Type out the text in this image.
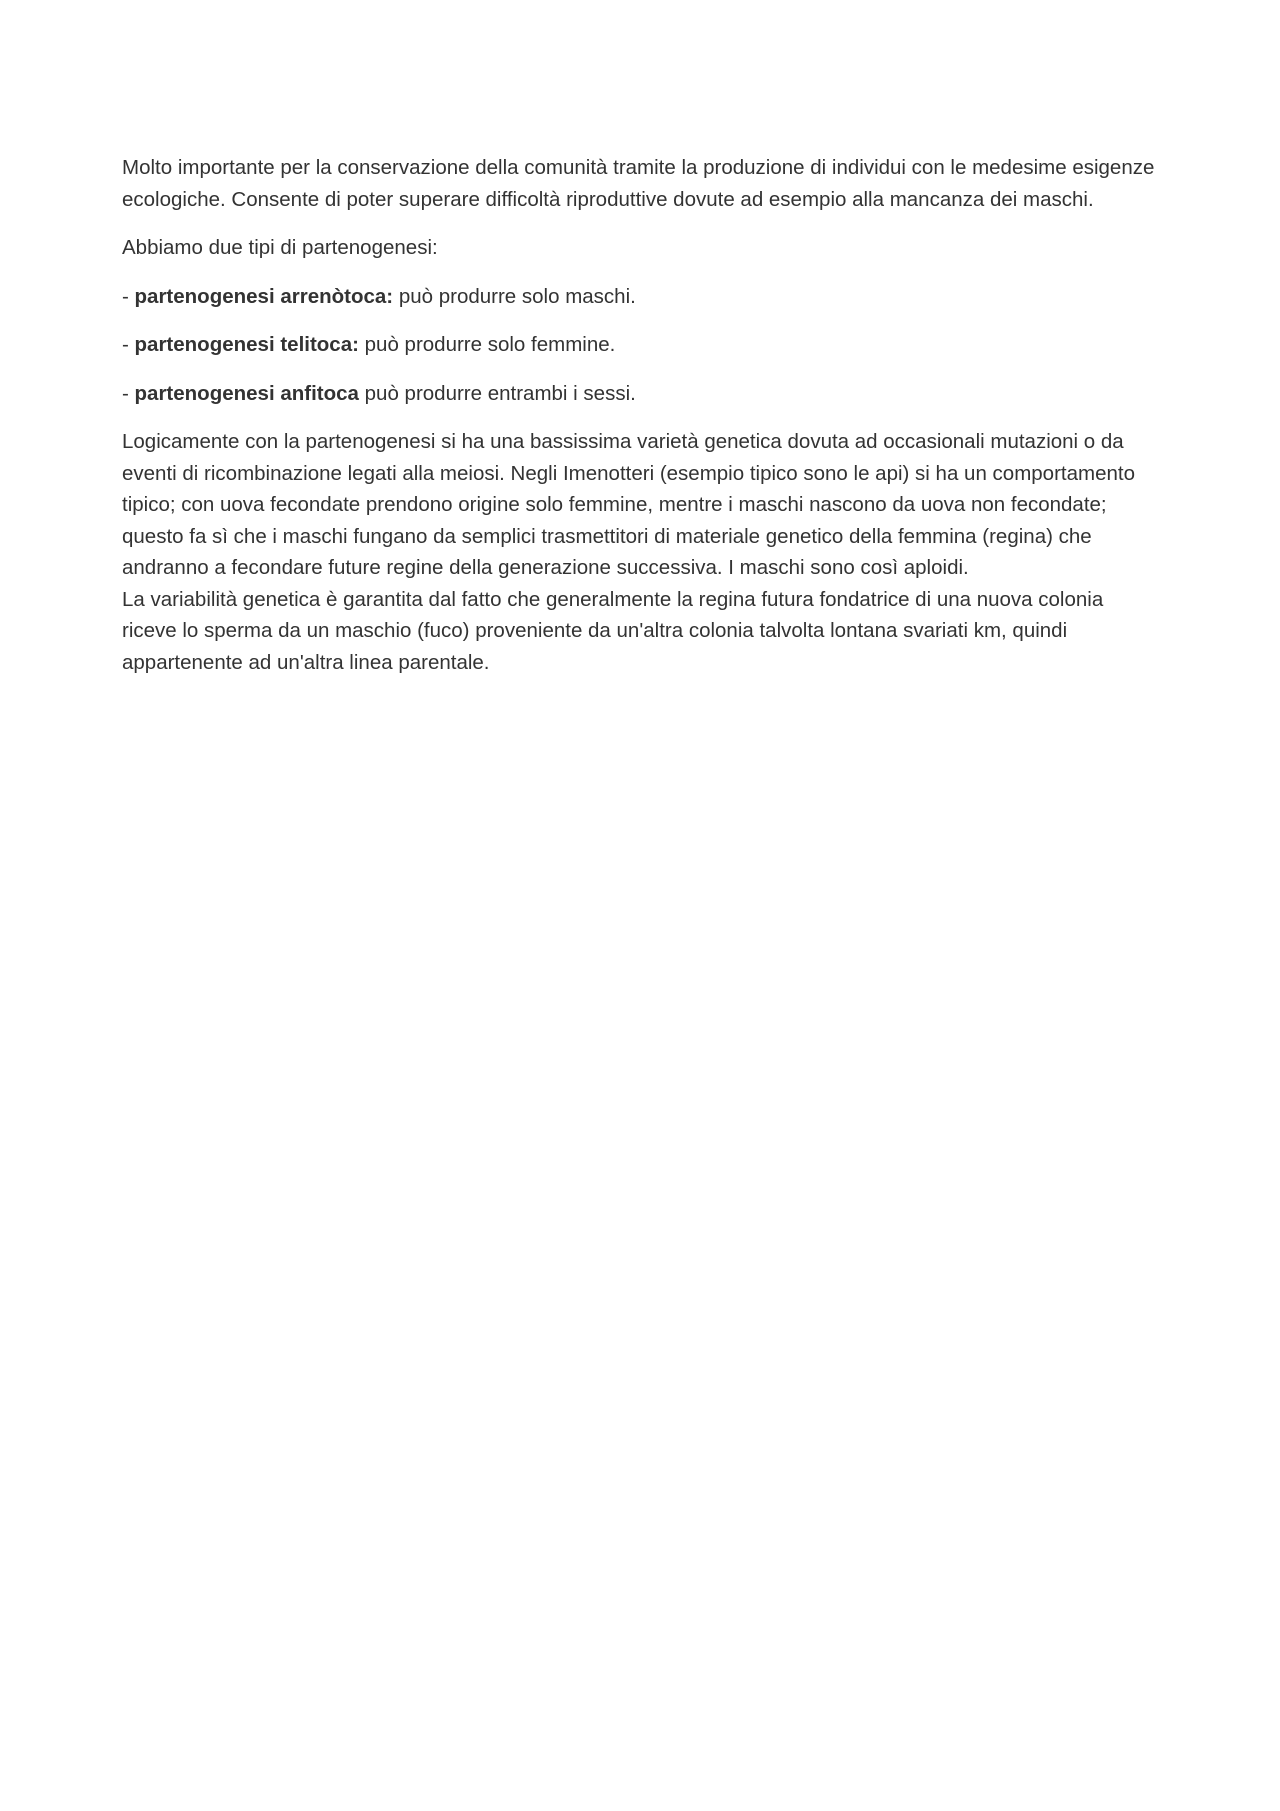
Molto importante per la conservazione della comunità tramite la produzione di individui con le medesime esigenze ecologiche. Consente di poter superare difficoltà riproduttive dovute ad esempio alla mancanza dei maschi.

Abbiamo due tipi di partenogenesi:

- partenogenesi arrenòtoca: può produrre solo maschi.

- partenogenesi telitoca: può produrre solo femmine.

- partenogenesi anfitoca può produrre entrambi i sessi.

Logicamente con la partenogenesi si ha una bassissima varietà genetica dovuta ad occasionali mutazioni o da eventi di ricombinazione legati alla meiosi. Negli Imenotteri (esempio tipico sono le api) si ha un comportamento tipico; con uova fecondate prendono origine solo femmine, mentre i maschi nascono da uova non fecondate; questo fa sì che i maschi fungano da semplici trasmettitori di materiale genetico della femmina (regina) che andranno a fecondare future regine della generazione successiva. I maschi sono così aploidi.

La variabilità genetica è garantita dal fatto che generalmente la regina futura fondatrice di una nuova colonia riceve lo sperma da un maschio (fuco) proveniente da un'altra colonia talvolta lontana svariati km, quindi appartenente ad un'altra linea parentale.
